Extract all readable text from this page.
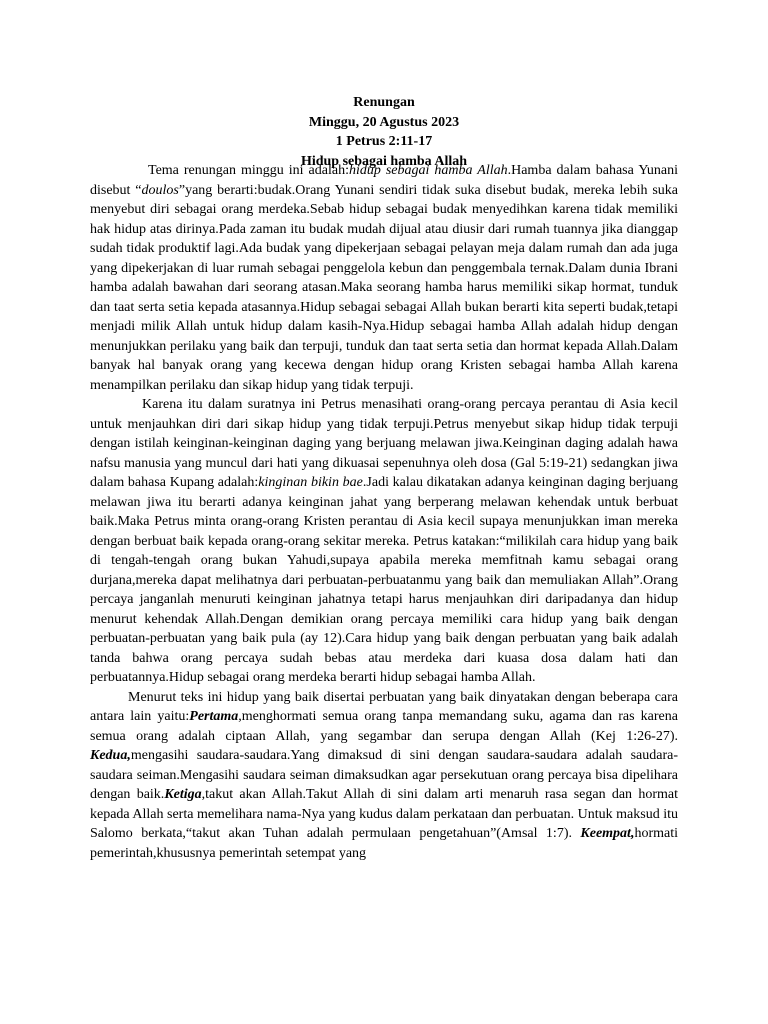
Renungan
Minggu, 20 Agustus 2023
1 Petrus 2:11-17
Hidup sebagai hamba Allah

Tema renungan minggu ini adalah:hidup sebagai hamba Allah.Hamba dalam bahasa Yunani disebut “doulos”yang berarti:budak.Orang Yunani sendiri tidak suka disebut budak, mereka lebih suka menyebut diri sebagai orang merdeka.Sebab hidup sebagai budak menyedihkan karena tidak memiliki hak hidup atas dirinya.Pada zaman itu budak mudah dijual atau diusir dari rumah tuannya jika dianggap sudah tidak produktif lagi.Ada budak yang dipekerjaan sebagai pelayan meja dalam rumah dan ada juga yang dipekerjakan di luar rumah sebagai penggelola kebun dan penggembala ternak.Dalam dunia Ibrani hamba adalah bawahan dari seorang atasan.Maka seorang hamba harus memiliki sikap hormat, tunduk dan taat serta setia kepada atasannya.Hidup sebagai sebagai Allah bukan berarti kita seperti budak,tetapi menjadi milik Allah untuk hidup dalam kasih-Nya.Hidup sebagai hamba Allah adalah hidup dengan menunjukkan perilaku yang baik dan terpuji, tunduk dan taat serta setia dan hormat kepada Allah.Dalam banyak hal banyak orang yang kecewa dengan hidup orang Kristen sebagai hamba Allah karena menampilkan perilaku dan sikap hidup yang tidak terpuji.

Karena itu dalam suratnya ini Petrus menasihati orang-orang percaya perantau di Asia kecil untuk menjauhkan diri dari sikap hidup yang tidak terpuji.Petrus menyebut sikap hidup tidak terpuji dengan istilah keinginan-keinginan daging yang berjuang melawan jiwa.Keinginan daging adalah hawa nafsu manusia yang muncul dari hati yang dikuasai sepenuhnya oleh dosa (Gal 5:19-21) sedangkan jiwa dalam bahasa Kupang adalah:kinginan bikin bae.Jadi kalau dikatakan adanya keinginan daging berjuang melawan jiwa itu berarti adanya keinginan jahat yang berperang melawan kehendak untuk berbuat baik.Maka Petrus minta orang-orang Kristen perantau di Asia kecil supaya menunjukkan iman mereka dengan berbuat baik kepada orang-orang sekitar mereka. Petrus katakan:“milikilah cara hidup yang baik di tengah-tengah orang bukan Yahudi,supaya apabila mereka memfitnah kamu sebagai orang durjana,mereka dapat melihatnya dari perbuatan-perbuatanmu yang baik dan memuliakan Allah”.Orang percaya janganlah menuruti keinginan jahatnya tetapi harus menjauhkan diri daripadanya dan hidup menurut kehendak Allah.Dengan demikian orang percaya memiliki cara hidup yang baik dengan perbuatan-perbuatan yang baik pula (ay 12).Cara hidup yang baik dengan perbuatan yang baik adalah tanda bahwa orang percaya sudah bebas atau merdeka dari kuasa dosa dalam hati dan perbuatannya.Hidup sebagai orang merdeka berarti hidup sebagai hamba Allah.

Menurut teks ini hidup yang baik disertai perbuatan yang baik dinyatakan dengan beberapa cara antara lain yaitu:Pertama,menghormati semua orang tanpa memandang suku, agama dan ras karena semua orang adalah ciptaan Allah, yang segambar dan serupa dengan Allah (Kej 1:26-27). Kedua,mengasihi saudara-saudara.Yang dimaksud di sini dengan saudara-saudara adalah saudara-saudara seiman.Mengasihi saudara seiman dimaksudkan agar persekutuan orang percaya bisa dipelihara dengan baik.Ketiga,takut akan Allah.Takut Allah di sini dalam arti menaruh rasa segan dan hormat kepada Allah serta memelihara nama-Nya yang kudus dalam perkataan dan perbuatan. Untuk maksud itu Salomo berkata,“takut akan Tuhan adalah permulaan pengetahuan”(Amsal 1:7). Keempat,hormati pemerintah,khususnya pemerintah setempat yang
